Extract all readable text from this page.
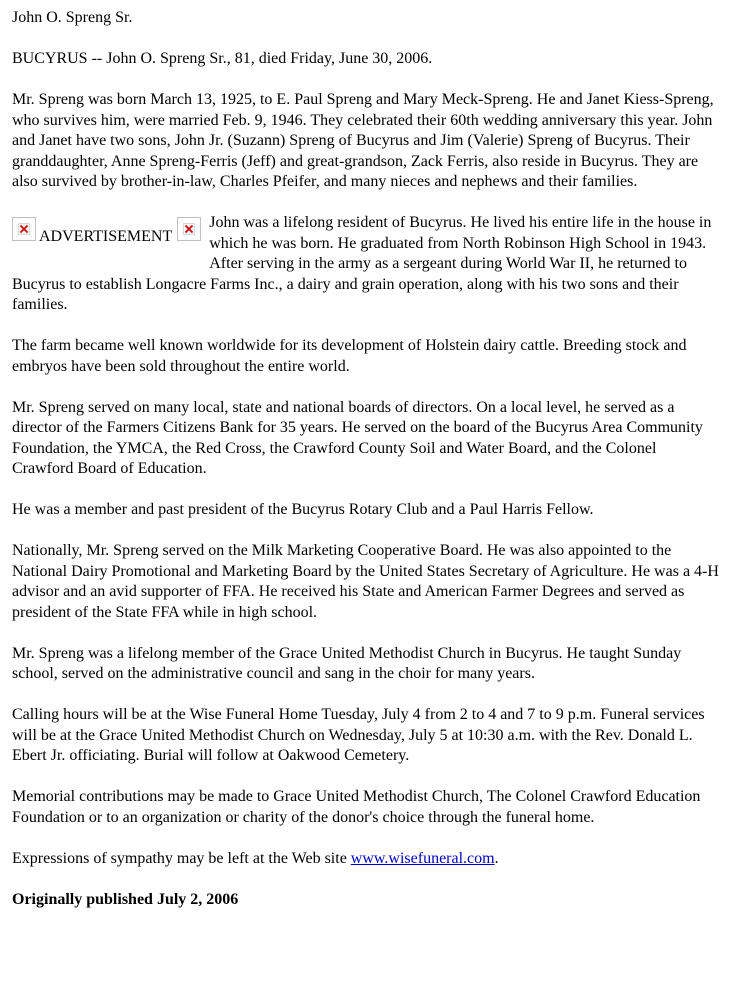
John O. Spreng Sr.

BUCYRUS -- John O. Spreng Sr., 81, died Friday, June 30, 2006.

Mr. Spreng was born March 13, 1925, to E. Paul Spreng and Mary Meck-Spreng. He and Janet Kiess-Spreng, who survives him, were married Feb. 9, 1946. They celebrated their 60th wedding anniversary this year. John and Janet have two sons, John Jr. (Suzann) Spreng of Bucyrus and Jim (Valerie) Spreng of Bucyrus. Their granddaughter, Anne Spreng-Ferris (Jeff) and great-grandson, Zack Ferris, also reside in Bucyrus. They are also survived by brother-in-law, Charles Pfeifer, and many nieces and nephews and their families.

ADVERTISEMENT

John was a lifelong resident of Bucyrus. He lived his entire life in the house in which he was born. He graduated from North Robinson High School in 1943. After serving in the army as a sergeant during World War II, he returned to Bucyrus to establish Longacre Farms Inc., a dairy and grain operation, along with his two sons and their families.

The farm became well known worldwide for its development of Holstein dairy cattle. Breeding stock and embryos have been sold throughout the entire world.

Mr. Spreng served on many local, state and national boards of directors. On a local level, he served as a director of the Farmers Citizens Bank for 35 years. He served on the board of the Bucyrus Area Community Foundation, the YMCA, the Red Cross, the Crawford County Soil and Water Board, and the Colonel Crawford Board of Education.

He was a member and past president of the Bucyrus Rotary Club and a Paul Harris Fellow.

Nationally, Mr. Spreng served on the Milk Marketing Cooperative Board. He was also appointed to the National Dairy Promotional and Marketing Board by the United States Secretary of Agriculture. He was a 4-H advisor and an avid supporter of FFA. He received his State and American Farmer Degrees and served as president of the State FFA while in high school.

Mr. Spreng was a lifelong member of the Grace United Methodist Church in Bucyrus. He taught Sunday school, served on the administrative council and sang in the choir for many years.

Calling hours will be at the Wise Funeral Home Tuesday, July 4 from 2 to 4 and 7 to 9 p.m. Funeral services will be at the Grace United Methodist Church on Wednesday, July 5 at 10:30 a.m. with the Rev. Donald L. Ebert Jr. officiating. Burial will follow at Oakwood Cemetery.

Memorial contributions may be made to Grace United Methodist Church, The Colonel Crawford Education Foundation or to an organization or charity of the donor's choice through the funeral home.

Expressions of sympathy may be left at the Web site www.wisefuneral.com.

Originally published July 2, 2006
